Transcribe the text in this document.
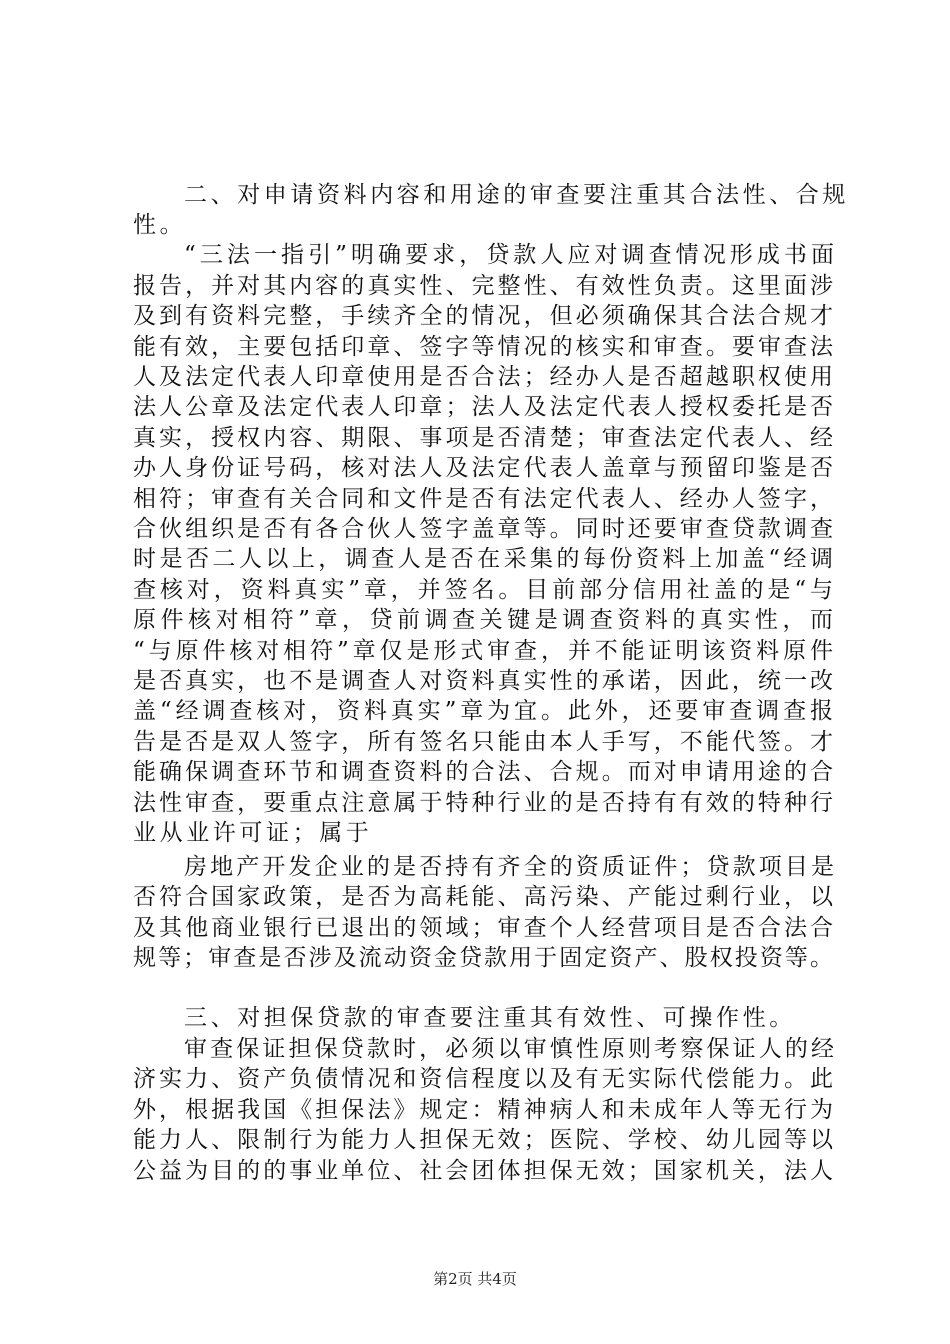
二、对申请资料内容和用途的审查要注重其合法性、合规
性。
“三法一指引”明确要求，贷款人应对调查情况形成书面
报告，并对其内容的真实性、完整性、有效性负责。这里面涉
及到有资料完整，手续齐全的情况，但必须确保其合法合规才
能有效，主要包括印章、签字等情况的核实和审查。要审查法
人及法定代表人印章使用是否合法；经办人是否超越职权使用
法人公章及法定代表人印章；法人及法定代表人授权委托是否
真实，授权内容、期限、事项是否清楚；审查法定代表人、经
办人身份证号码，核对法人及法定代表人盖章与预留印鉴是否
相符；审查有关合同和文件是否有法定代表人、经办人签字，
合伙组织是否有各合伙人签字盖章等。同时还要审查贷款调查
时是否二人以上，调查人是否在采集的每份资料上加盖“经调
查核对，资料真实”章，并签名。目前部分信用社盖的是“与
原件核对相符”章，贷前调查关键是调查资料的真实性，而
“与原件核对相符”章仅是形式审查，并不能证明该资料原件
是否真实，也不是调查人对资料真实性的承诺，因此，统一改
盖“经调查核对，资料真实”章为宜。此外，还要审查调查报
告是否是双人签字，所有签名只能由本人手写，不能代签。才
能确保调查环节和调查资料的合法、合规。而对申请用途的合
法性审查，要重点注意属于特种行业的是否持有有效的特种行
业从业许可证；属于
房地产开发企业的是否持有齐全的资质证件；贷款项目是
否符合国家政策，是否为高耗能、高污染、产能过剩行业，以
及其他商业银行已退出的领域；审查个人经营项目是否合法合
规等；审查是否涉及流动资金贷款用于固定资产、股权投资等。
三、对担保贷款的审查要注重其有效性、可操作性。
审查保证担保贷款时，必须以审慎性原则考察保证人的经
济实力、资产负债情况和资信程度以及有无实际代偿能力。此
外，根据我国《担保法》规定：精神病人和未成年人等无行为
能力人、限制行为能力人担保无效；医院、学校、幼儿园等以
公益为目的的事业单位、社会团体担保无效；国家机关，法人
第2页 共4页
